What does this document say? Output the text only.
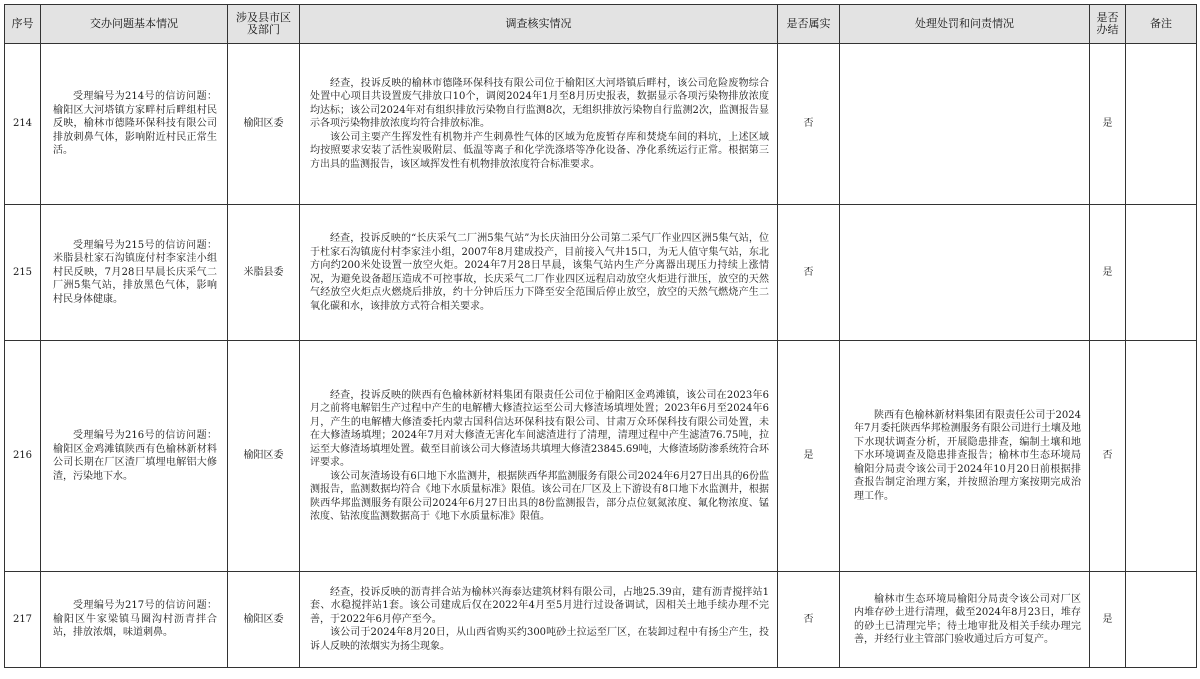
序号	交办问题基本情况	涉及县市区及部门	调查核实情况	是否属实	处理处罚和问责情况	是否办结	备注
214	受理编号为214号的信访问题：榆阳区大河塔镇方家畔村后畔组村民反映，榆林市德隆环保科技有限公司排放刺鼻气体，影响附近村民正常生活。	榆阳区委	经查，投诉反映的榆林市德隆环保科技有限公司位于榆阳区大河塔镇后畔村，该公司危险废物综合处置中心项目共设置废气排放口10个，调阅2024年1月至8月历史报表，数据显示各项污染物排放浓度均达标；该公司2024年对有组织排放污染物自行监测8次，无组织排放污染物自行监测2次，监测报告显示各项污染物排放浓度均符合排放标准。

该公司主要产生挥发性有机物并产生刺鼻性气体的区域为危废暂存库和焚烧车间的料坑，上述区域均按照要求安装了活性炭吸附层、低温等离子和化学洗涤塔等净化设备、净化系统运行正常。根据第三方出具的监测报告，该区域挥发性有机物排放浓度符合标准要求。	否		是	
215	受理编号为215号的信访问题：米脂县杜家石沟镇庞付村李家洼小组村民反映，7月28日早晨长庆采气二厂洲5集气站，排放黑色气体，影响村民身体健康。	米脂县委	经查，投诉反映的“长庆采气二厂洲5集气站”为长庆油田分公司第二采气厂作业四区洲5集气站，位于杜家石沟镇庞付村李家洼小组，2007年8月建成投产，目前接入气井15口，为无人值守集气站，东北方向约200米处设置一放空火炬。2024年7月28日早晨，该集气站内生产分离器出现压力持续上涨情况，为避免设备超压造成不可控事故，长庆采气二厂作业四区远程启动放空火炬进行泄压，放空的天然气经放空火炬点火燃烧后排放，约十分钟后压力下降至安全范围后停止放空，放空的天然气燃烧产生二氧化碳和水，该排放方式符合相关要求。	否		是	
216	受理编号为216号的信访问题：榆阳区金鸡滩镇陕西有色榆林新材料公司长期在厂区渣厂填埋电解铝大修渣，污染地下水。	榆阳区委	经查，投诉反映的陕西有色榆林新材料集团有限责任公司位于榆阳区金鸡滩镇，该公司在2023年6月之前将电解铝生产过程中产生的电解槽大修渣拉运至公司大修渣场填埋处置；2023年6月至2024年6月，产生的电解槽大修渣委托内蒙古国科信达环保科技有限公司、甘肃万众环保科技有限公司处置，未在大修渣场填埋；2024年7月对大修渣无害化车间滤渣进行了清理，清理过程中产生滤渣76.75吨，拉运至大修渣场填埋处置。截至目前该公司大修渣场共填埋大修渣23845.69吨，大修渣场防渗系统符合环评要求。

该公司灰渣场设有6口地下水监测井，根据陕西华邦监测服务有限公司2024年6月27日出具的6份监测报告，监测数据均符合《地下水质量标准》限值。该公司在厂区及上下游设有8口地下水监测井，根据陕西华邦监测服务有限公司2024年6月27日出具的8份监测报告，部分点位氨氮浓度、氟化物浓度、锰浓度、钴浓度监测数据高于《地下水质量标准》限值。	是	陕西有色榆林新材料集团有限责任公司于2024年7月委托陕西华邦检测服务有限公司进行土壤及地下水现状调查分析，开展隐患排查，编制土壤和地下水环境调查及隐患排查报告；榆林市生态环境局榆阳分局责令该公司于2024年10月20日前根据排查报告制定治理方案，并按照治理方案按期完成治理工作。	否	
217	受理编号为217号的信访问题：榆阳区牛家梁镇马圈沟村沥青拌合站，排放浓烟，味道刺鼻。	榆阳区委	经查，投诉反映的沥青拌合站为榆林兴海泰达建筑材料有限公司，占地25.39亩，建有沥青搅拌站1套、水稳搅拌站1套。该公司建成后仅在2022年4月至5月进行过设备调试，因相关土地手续办理不完善，于2022年6月停产至今。

该公司于2024年8月20日，从山西省购买约300吨砂土拉运至厂区，在装卸过程中有扬尘产生，投诉人反映的浓烟实为扬尘现象。	否	榆林市生态环境局榆阳分局责令该公司对厂区内堆存砂土进行清理，截至2024年8月23日，堆存的砂土已清理完毕；待土地审批及相关手续办理完善，并经行业主管部门验收通过后方可复产。	是	
